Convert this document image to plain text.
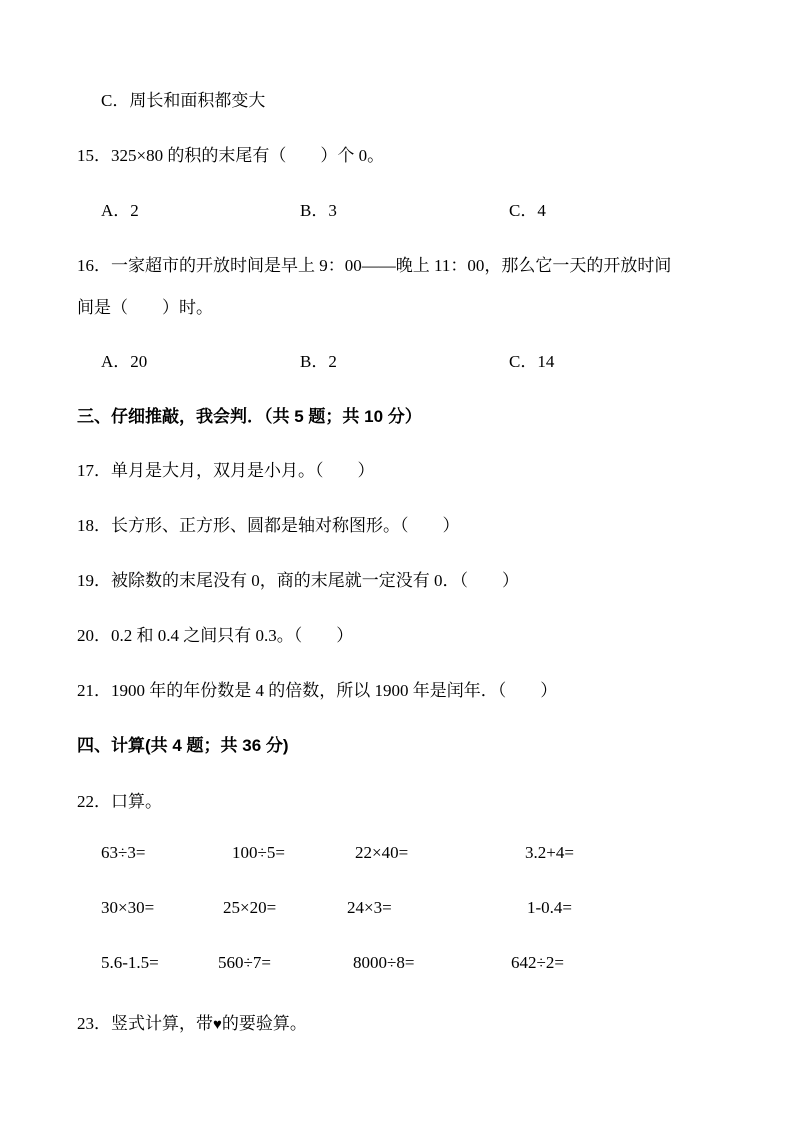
C．周长和面积都变大
15．325×80 的积的末尾有（　　）个 0。
A．2	B．3	C．4
16．一家超市的开放时间是早上 9：00——晚上 11：00，那么它一天的开放时间
间是（　　）时。
A．20	B．2	C．14
三、仔细推敲，我会判．（共 5 题；共 10 分）
17．单月是大月，双月是小月。（　　）
18．长方形、正方形、圆都是轴对称图形。（　　）
19．被除数的末尾没有 0，商的末尾就一定没有 0．（　　）
20．0.2 和 0.4 之间只有 0.3。（　　）
21．1900 年的年份数是 4 的倍数，所以 1900 年是闰年．（　　）
四、计算(共 4 题；共 36 分)
22．口算。
63÷3=	100÷5=	22×40=	3.2+4=
30×30=	25×20=	24×3=	1-0.4=
5.6-1.5=	560÷7=	8000÷8=	642÷2=
23．竖式计算，带♥的要验算。
